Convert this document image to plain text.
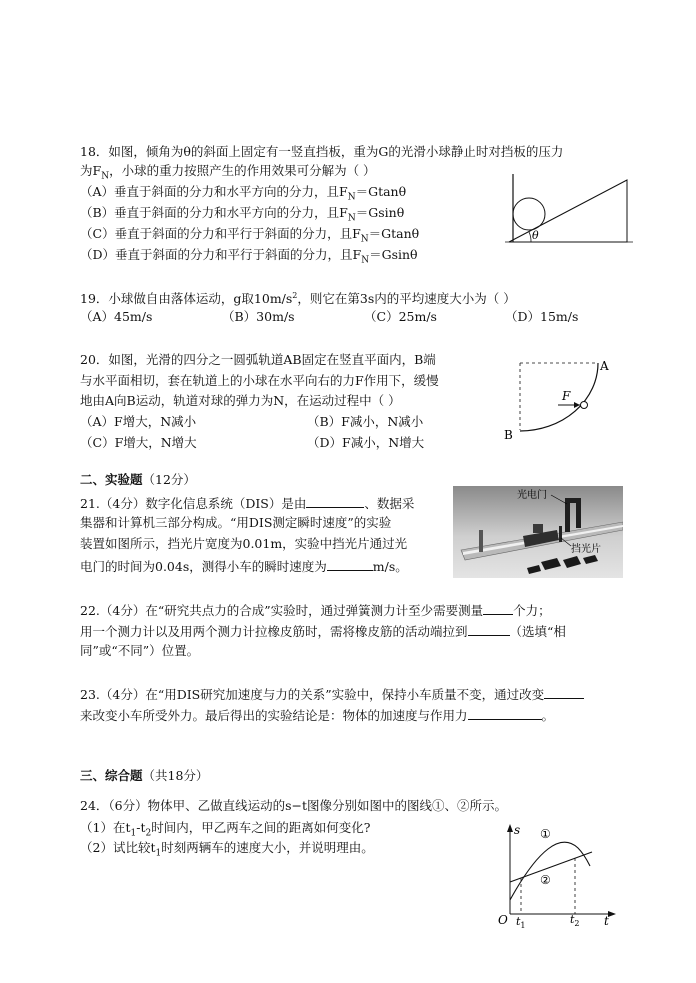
18．如图，倾角为θ的斜面上固定有一竖直挡板，重为G的光滑小球静止时对挡板的压力
为$F_N$，小球的重力按照产生的作用效果可分解为（ ）
（A）垂直于斜面的分力和水平方向的分力，且$F_N=Gtan\theta$
（B）垂直于斜面的分力和水平方向的分力，且$F_N=Gsin\theta$
（C）垂直于斜面的分力和平行于斜面的分力，且$F_N=Gtan\theta$
（D）垂直于斜面的分力和平行于斜面的分力，且$F_N=Gsin\theta$
θ
19．小球做自由落体运动，g取$10m/s^2$，则它在第3s内的平均速度大小为（ ）
（A）45m/s	（B）30m/s	（C）25m/s	（D）15m/s
20．如图，光滑的四分之一圆弧轨道AB固定在竖直平面内，B端
与水平面相切，套在轨道上的小球在水平向右的力F作用下，缓慢
地由A向B运动，轨道对球的弹力为N，在运动过程中（ ）
（A）F增大，N减小	（B）F减小，N减小
（C）F增大，N增大	（D）F减小，N增大
F
A
B
二、实验题（12分）
21.（4分）数字化信息系统（DIS）是由	、数据采
集器和计算机三部分构成。“用DIS测定瞬时速度”的实验
装置如图所示，挡光片宽度为0.01m，实验中挡光片通过光
电门的时间为0.04s，测得小车的瞬时速度为	m/s。
光电门
挡光片
22.（4分）在“研究共点力的合成”实验时，通过弹簧测力计至少需要测量 个力；
用一个测力计以及用两个测力计拉橡皮筋时，需将橡皮筋的活动端拉到	（选填“相
同”或“不同”）位置。
23.（4分）在“用DIS研究加速度与力的关系”实验中，保持小车质量不变，通过改变
来改变小车所受外力。最后得出的实验结论是：物体的加速度与作用力	。
三、综合题（共18分）
24．（6分）物体甲、乙做直线运动的s−t图像分别如图中的图线①、②所示。
（1）在$t_1-t_2$时间内，甲乙两车之间的距离如何变化?
（2）试比较$t_1$时刻两辆车的速度大小，并说明理由。
s
t
O
①
②
$t_1$	$t_2$
